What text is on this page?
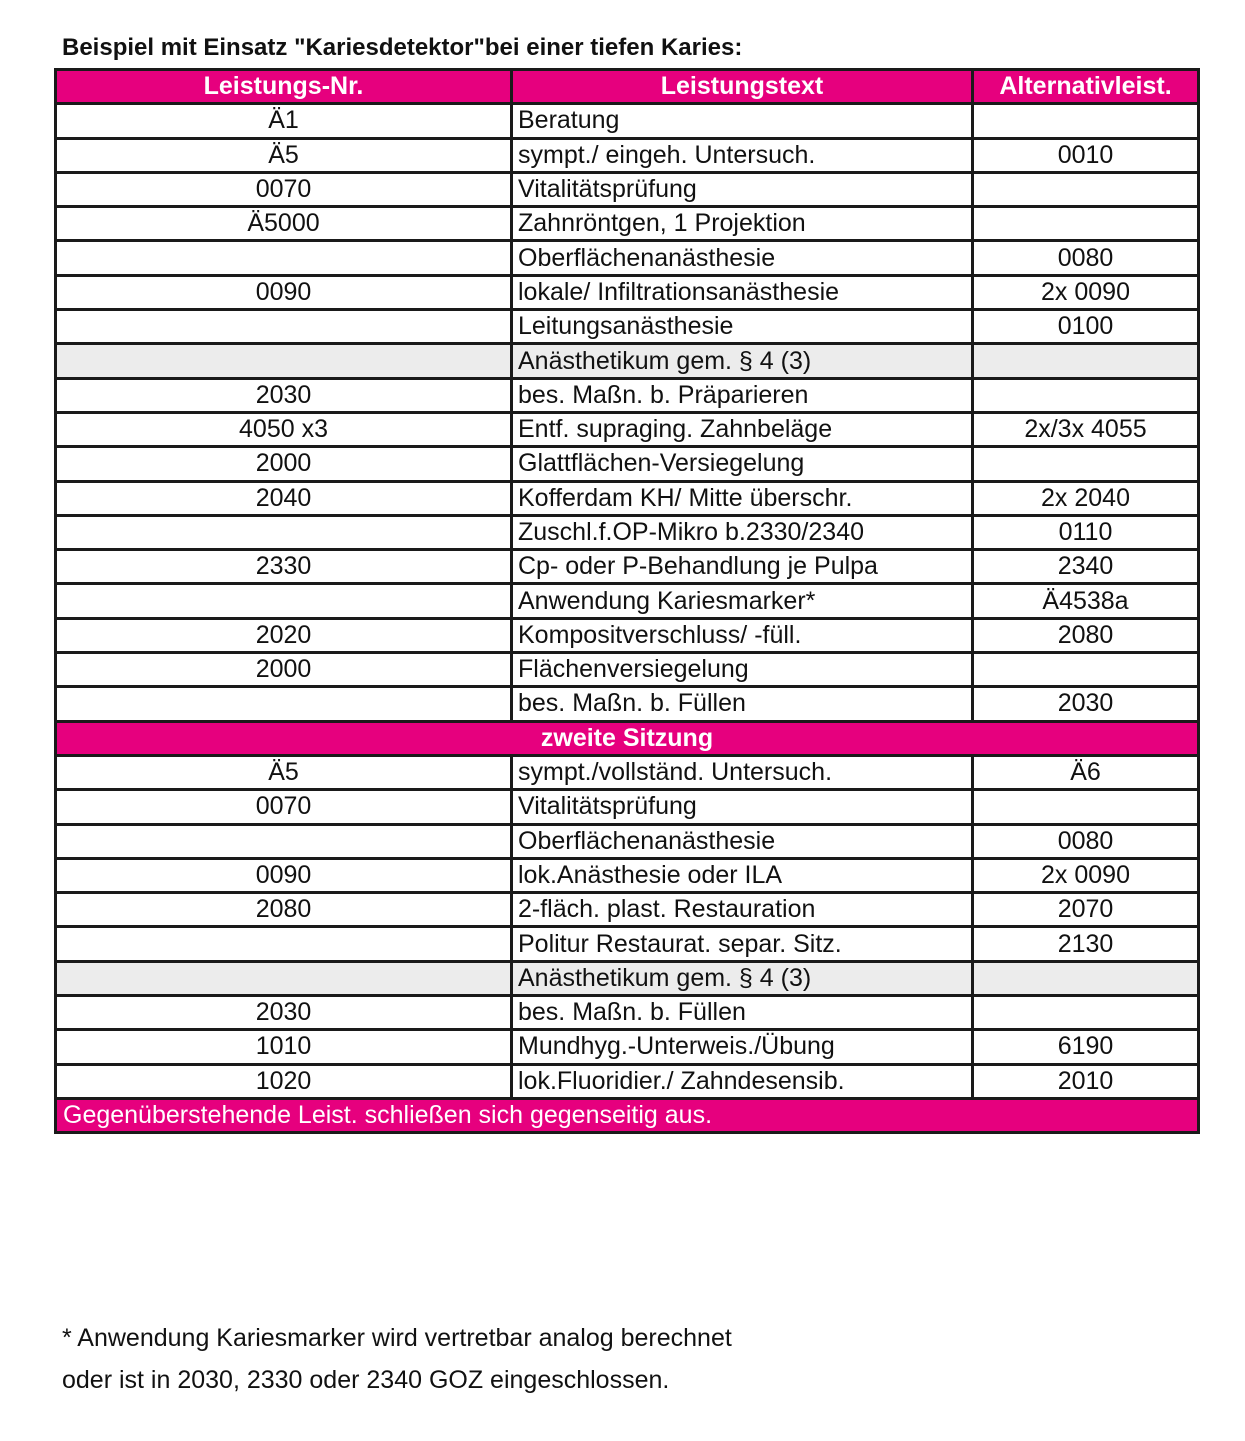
Beispiel mit Einsatz "Kariesdetektor"bei einer tiefen Karies:
Leistungs-Nr.	Leistungstext	Alternativleist.
Ä1	Beratung	
Ä5	sympt./ eingeh. Untersuch.	0010
0070	Vitalitätsprüfung	
Ä5000	Zahnröntgen, 1 Projektion	
	Oberflächenanästhesie	0080
0090	lokale/ Infiltrationsanästhesie	2x 0090
	Leitungsanästhesie	0100
	Anästhetikum gem. § 4 (3)	
2030	bes. Maßn. b. Präparieren	
4050 x3	Entf. supraging. Zahnbeläge	2x/3x 4055
2000	Glattflächen-Versiegelung	
2040	Kofferdam KH/ Mitte überschr.	2x 2040
	Zuschl.f.OP-Mikro b.2330/2340	0110
2330	Cp- oder P-Behandlung je Pulpa	2340
	Anwendung Kariesmarker*	Ä4538a
2020	Kompositverschluss/ -füll.	2080
2000	Flächenversiegelung	
	bes. Maßn. b. Füllen	2030
zweite Sitzung		
Ä5	sympt./vollständ. Untersuch.	Ä6
0070	Vitalitätsprüfung	
	Oberflächenanästhesie	0080
0090	lok.Anästhesie oder ILA	2x 0090
2080	2-fläch. plast. Restauration	2070
	Politur Restaurat. separ. Sitz.	2130
	Anästhetikum gem. § 4 (3)	
2030	bes. Maßn. b. Füllen	
1010	Mundhyg.-Unterweis./Übung	6190
1020	lok.Fluoridier./ Zahndesensib.	2010
Gegenüberstehende Leist. schließen sich gegenseitig aus.		
* Anwendung Kariesmarker wird vertretbar analog berechnet
oder ist in 2030, 2330 oder 2340 GOZ eingeschlossen.
